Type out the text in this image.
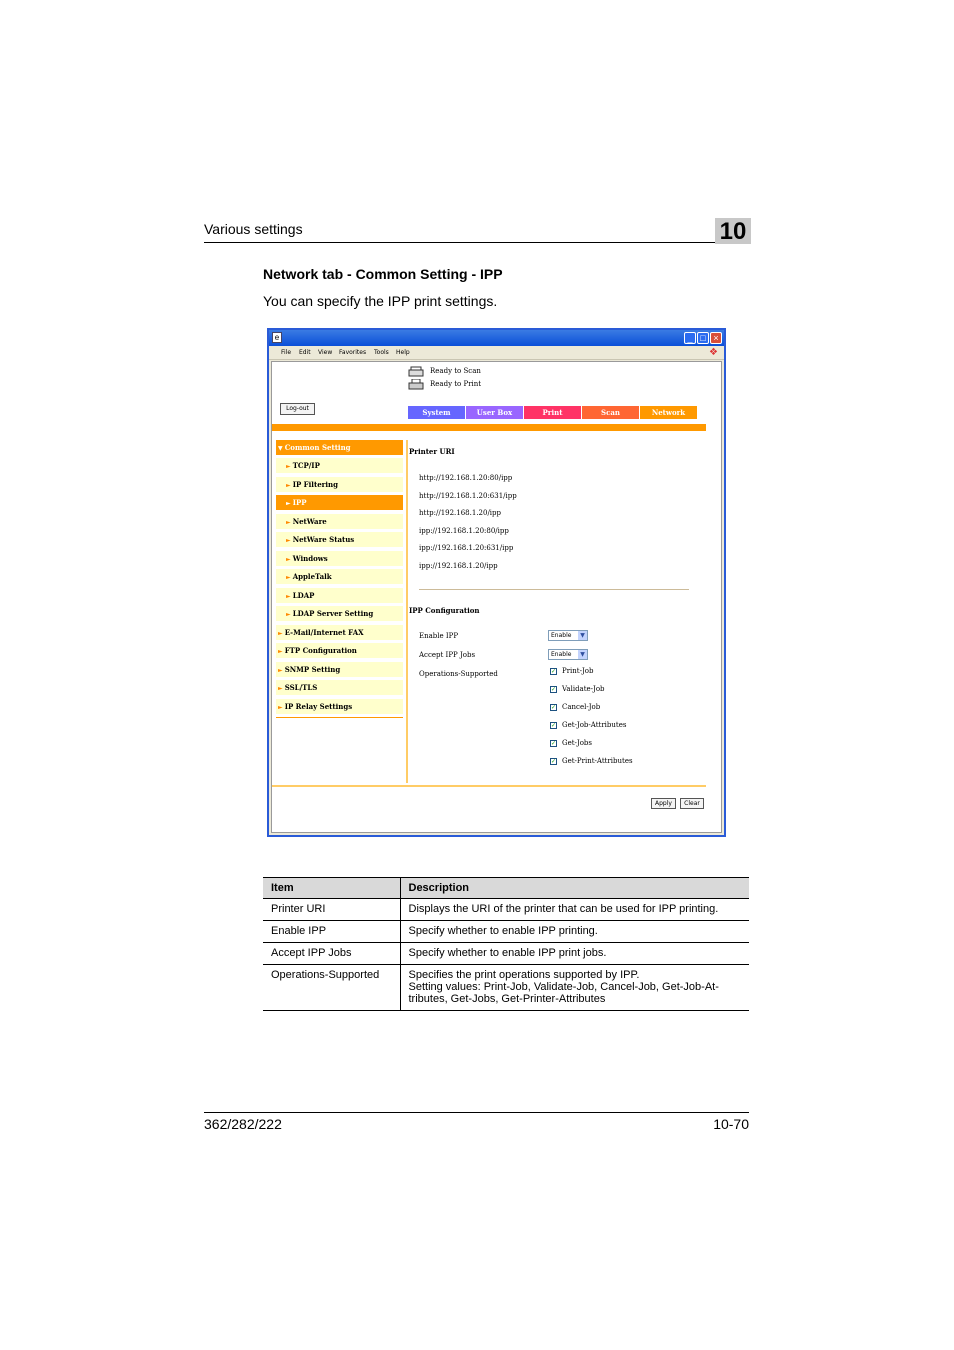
Various settings	10
Network tab - Common Setting - IPP
You can specify the IPP print settings.
e	_ □ ×
File Edit View Favorites Tools Help	❖
Ready to Scan
Ready to Print
Log-out	System	User Box	Print	Scan	Network
▼ Common Setting
► TCP/IP
► IP Filtering
► IPP
► NetWare
► NetWare Status
► Windows
► AppleTalk
► LDAP
► LDAP Server Setting
► E-Mail/Internet FAX
► FTP Configuration
► SNMP Setting
► SSL/TLS
► IP Relay Settings
Printer URI
http://192.168.1.20:80/ipp
http://192.168.1.20:631/ipp
http://192.168.1.20/ipp
ipp://192.168.1.20:80/ipp
ipp://192.168.1.20:631/ipp
ipp://192.168.1.20/ipp
IPP Configuration
Enable IPP	Enable	▼
Accept IPP Jobs	Enable	▼
Operations-Supported	✓ Print-Job
✓ Validate-Job
✓ Cancel-Job
✓ Get-Job-Attributes
✓ Get-Jobs
✓ Get-Print-Attributes
Apply	Clear
Item	Description
Printer URI	Displays the URI of the printer that can be used for IPP printing.
Enable IPP	Specify whether to enable IPP printing.
Accept IPP Jobs	Specify whether to enable IPP print jobs.
Operations-Supported	Specifies the print operations supported by IPP.
Setting values: Print-Job, Validate-Job, Cancel-Job, Get-Job-At-
tributes, Get-Jobs, Get-Printer-Attributes
362/282/222	10-70
